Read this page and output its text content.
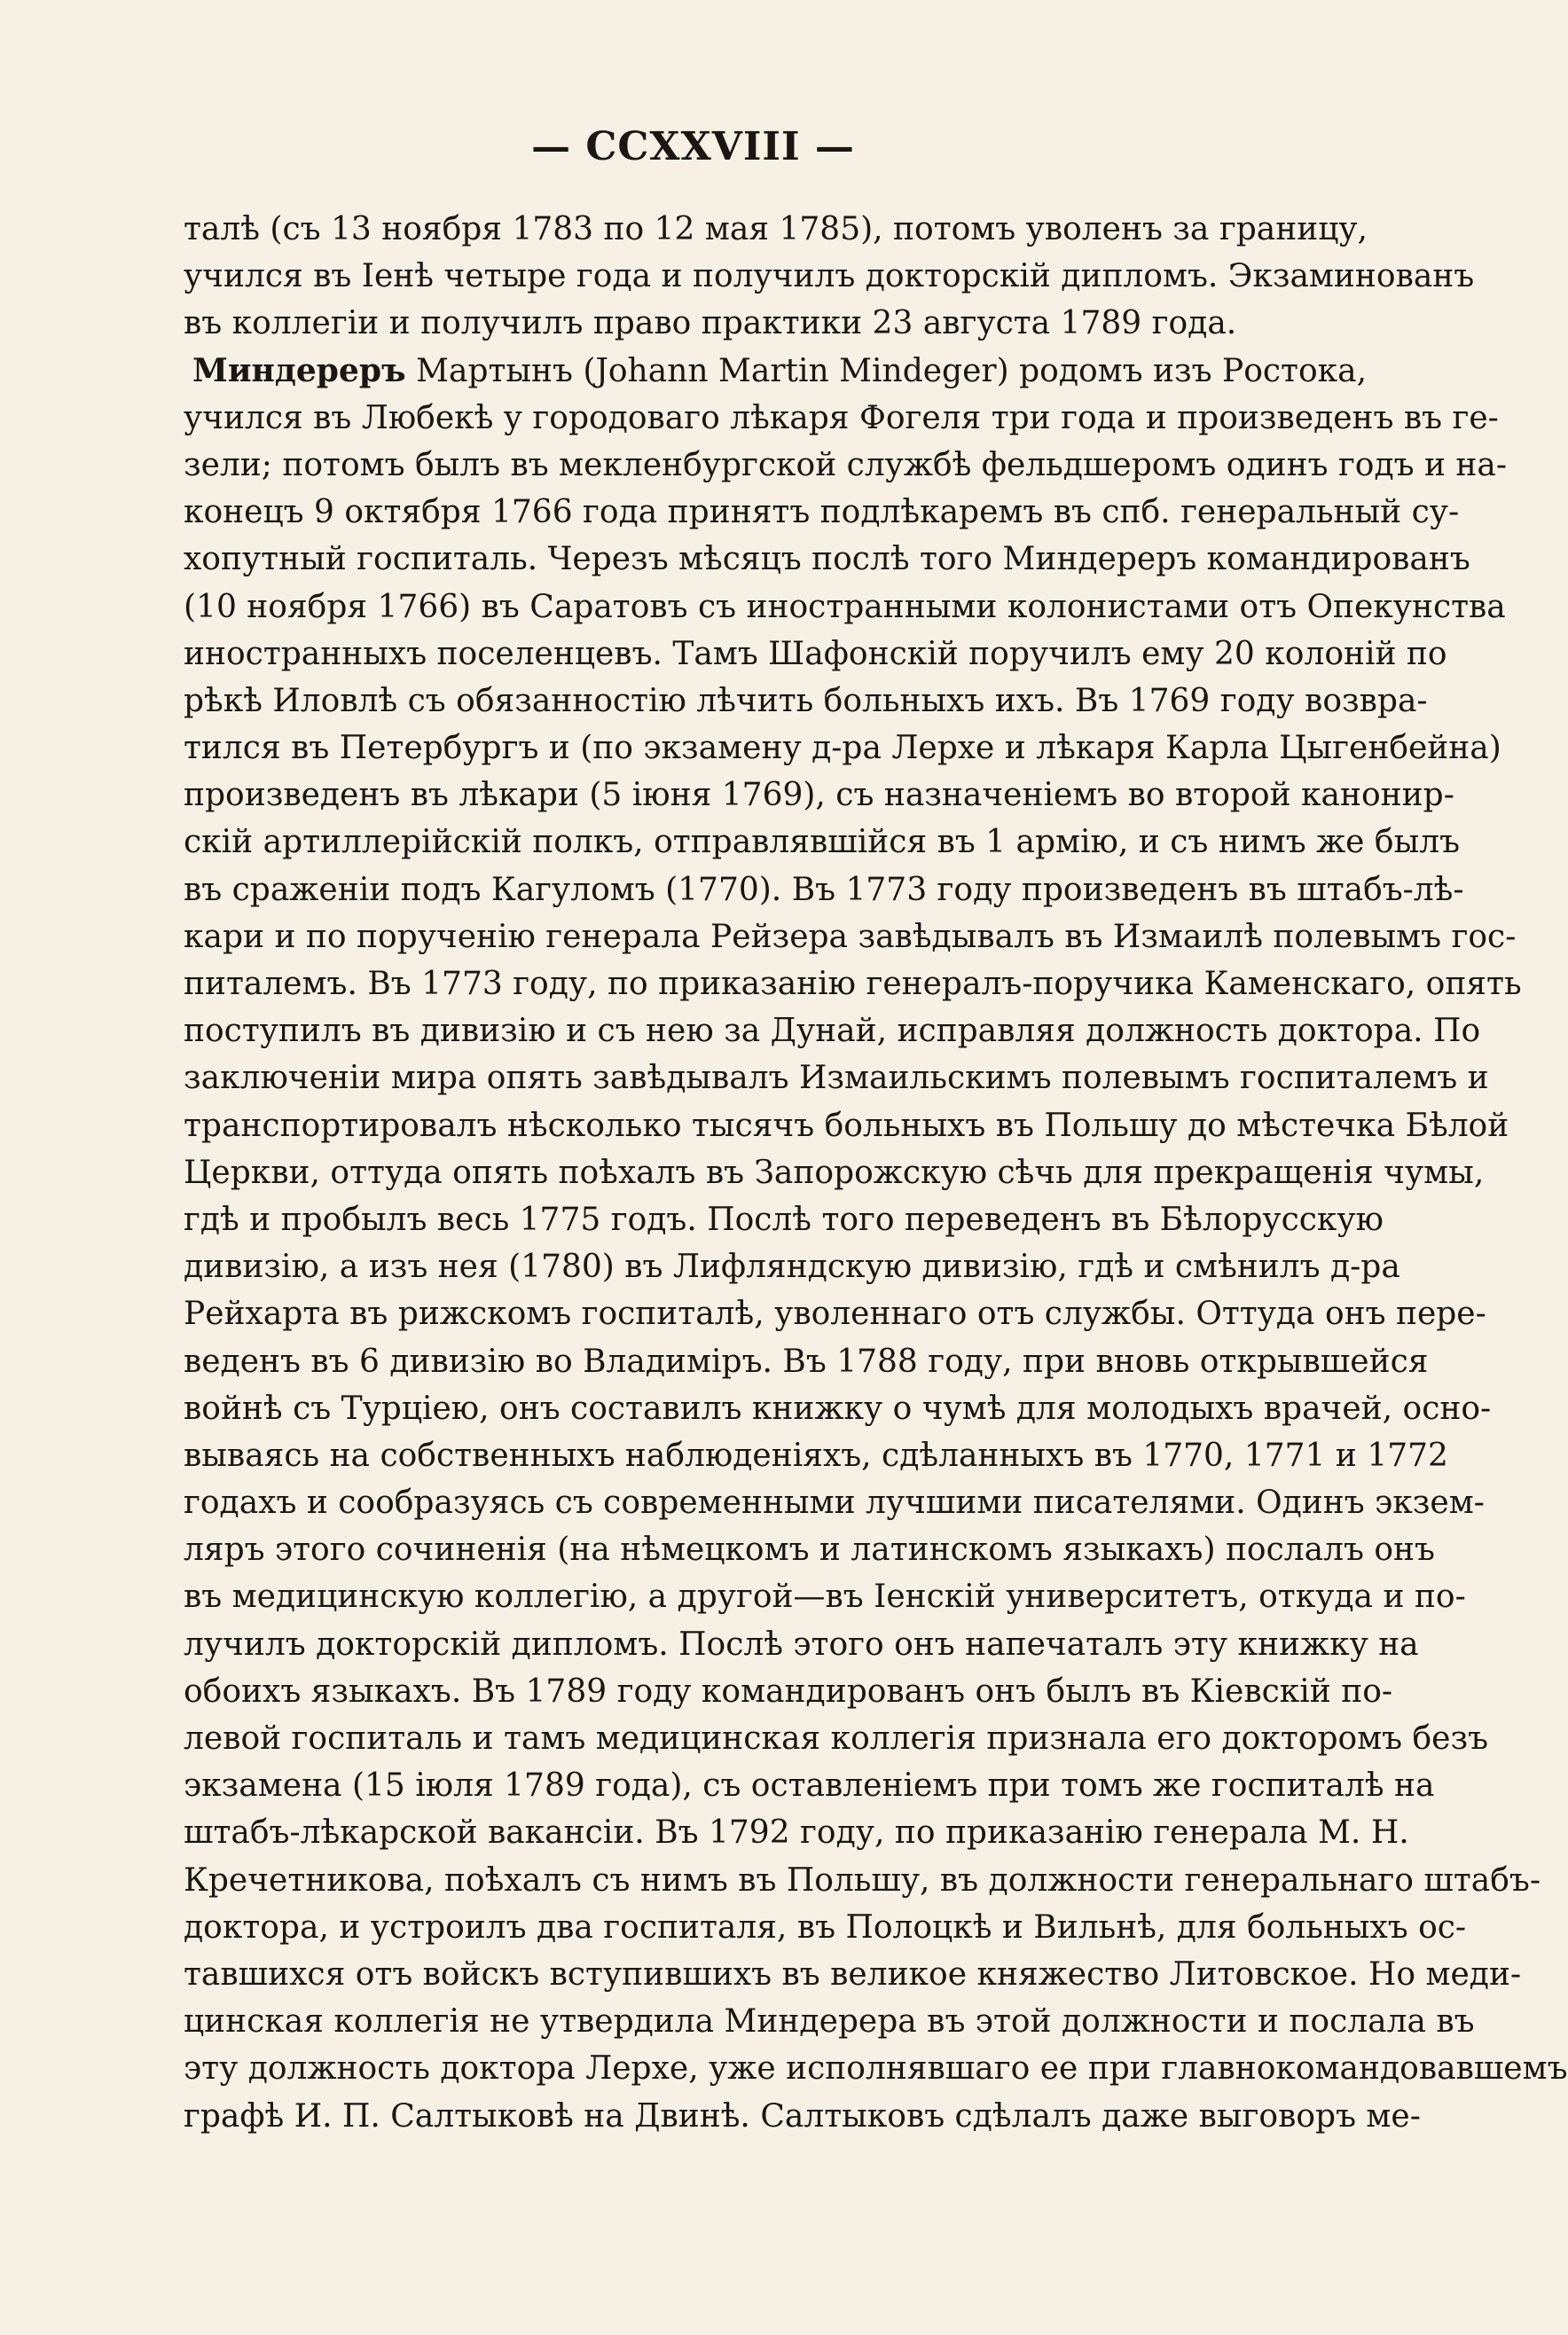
— CCXXVIII —
талѣ (съ 13 ноября 1783 по 12 мая 1785), потомъ уволенъ за границу,
учился въ Іенѣ четыре года и получилъ докторскій дипломъ. Экзаминованъ
въ коллегіи и получилъ право практики 23 августа 1789 года.
Миндереръ Мартынъ (Johann Martin Mindeger) родомъ изъ Ростока,
учился въ Любекѣ у городоваго лѣкаря Фогеля три года и произведенъ въ ге-
зели; потомъ былъ въ мекленбургской службѣ фельдшеромъ одинъ годъ и на-
конецъ 9 октября 1766 года принятъ подлѣкаремъ въ спб. генеральный су-
хопутный госпиталь. Черезъ мѣсяцъ послѣ того Миндереръ командированъ
(10 ноября 1766) въ Саратовъ съ иностранными колонистами отъ Опекунства
иностранныхъ поселенцевъ. Тамъ Шафонскій поручилъ ему 20 колоній по
рѣкѣ Иловлѣ съ обязанностію лѣчить больныхъ ихъ. Въ 1769 году возвра-
тился въ Петербургъ и (по экзамену д-ра Лерхе и лѣкаря Карла Цыгенбейна)
произведенъ въ лѣкари (5 іюня 1769), съ назначеніемъ во второй канонир-
скій артиллерійскій полкъ, отправлявшійся въ 1 армію, и съ нимъ же былъ
въ сраженіи подъ Кагуломъ (1770). Въ 1773 году произведенъ въ штабъ-лѣ-
кари и по порученію генерала Рейзера завѣдывалъ въ Измаилѣ полевымъ гос-
питалемъ. Въ 1773 году, по приказанію генералъ-поручика Каменскаго, опять
поступилъ въ дивизію и съ нею за Дунай, исправляя должность доктора. По
заключеніи мира опять завѣдывалъ Измаильскимъ полевымъ госпиталемъ и
транспортировалъ нѣсколько тысячъ больныхъ въ Польшу до мѣстечка Бѣлой
Церкви, оттуда опять поѣхалъ въ Запорожскую сѣчь для прекращенія чумы,
гдѣ и пробылъ весь 1775 годъ. Послѣ того переведенъ въ Бѣлорусскую
дивизію, а изъ нея (1780) въ Лифляндскую дивизію, гдѣ и смѣнилъ д-ра
Рейхарта въ рижскомъ госпиталѣ, уволеннаго отъ службы. Оттуда онъ пере-
веденъ въ 6 дивизію во Владиміръ. Въ 1788 году, при вновь открывшейся
войнѣ съ Турціею, онъ составилъ книжку о чумѣ для молодыхъ врачей, осно-
вываясь на собственныхъ наблюденіяхъ, сдѣланныхъ въ 1770, 1771 и 1772
годахъ и сообразуясь съ современными лучшими писателями. Одинъ экзем-
ляръ этого сочиненія (на нѣмецкомъ и латинскомъ языкахъ) послалъ онъ
въ медицинскую коллегію, а другой—въ Іенскій университетъ, откуда и по-
лучилъ докторскій дипломъ. Послѣ этого онъ напечаталъ эту книжку на
обоихъ языкахъ. Въ 1789 году командированъ онъ былъ въ Кіевскій по-
левой госпиталь и тамъ медицинская коллегія признала его докторомъ безъ
экзамена (15 іюля 1789 года), съ оставленіемъ при томъ же госпиталѣ на
штабъ-лѣкарской вакансіи. Въ 1792 году, по приказанію генерала М. Н.
Кречетникова, поѣхалъ съ нимъ въ Польшу, въ должности генеральнаго штабъ-
доктора, и устроилъ два госпиталя, въ Полоцкѣ и Вильнѣ, для больныхъ ос-
тавшихся отъ войскъ вступившихъ въ великое княжество Литовское. Но меди-
цинская коллегія не утвердила Миндерера въ этой должности и послала въ
эту должность доктора Лерхе, уже исполнявшаго ее при главнокомандовавшемъ
графѣ И. П. Салтыковѣ на Двинѣ. Салтыковъ сдѣлалъ даже выговоръ ме-
